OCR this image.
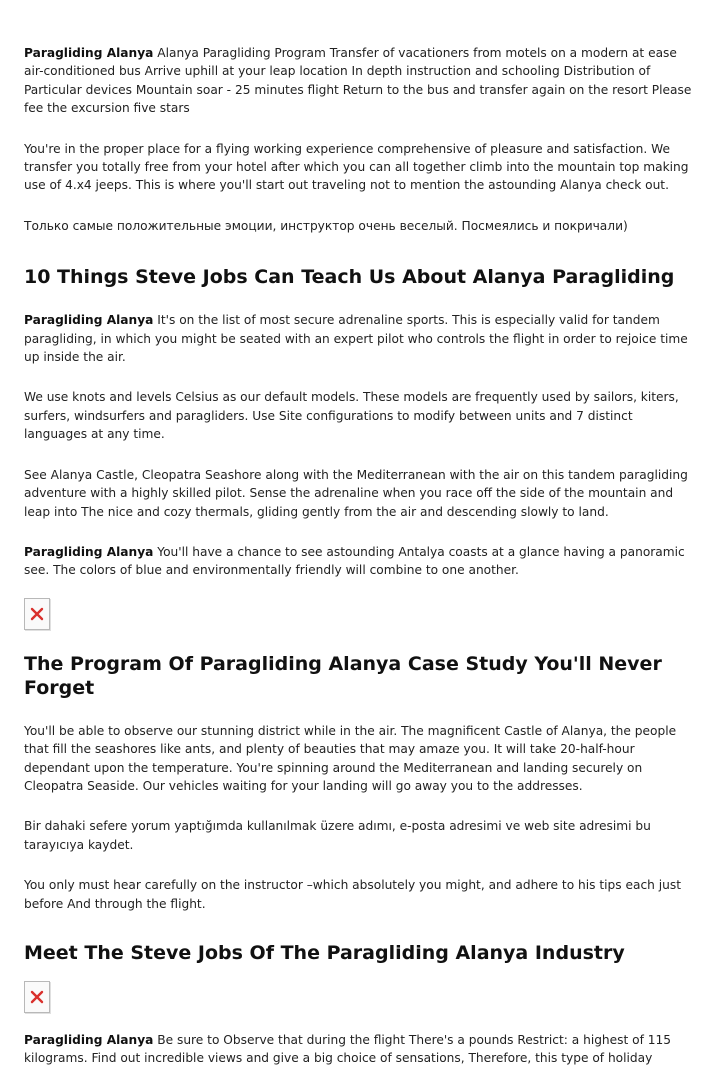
Paragliding Alanya Alanya Paragliding Program Transfer of vacationers from motels on a modern at ease air-conditioned bus Arrive uphill at your leap location In depth instruction and schooling Distribution of Particular devices Mountain soar - 25 minutes flight Return to the bus and transfer again on the resort Please fee the excursion five stars

You're in the proper place for a flying working experience comprehensive of pleasure and satisfaction. We transfer you totally free from your hotel after which you can all together climb into the mountain top making use of 4.x4 jeeps. This is where you'll start out traveling not to mention the astounding Alanya check out.

Только самые положительные эмоции, инструктор очень веселый. Посмеялись и покричали)

10 Things Steve Jobs Can Teach Us About Alanya Paragliding

Paragliding Alanya It's on the list of most secure adrenaline sports. This is especially valid for tandem paragliding, in which you might be seated with an expert pilot who controls the flight in order to rejoice time up inside the air.

We use knots and levels Celsius as our default models. These models are frequently used by sailors, kiters, surfers, windsurfers and paragliders. Use Site configurations to modify between units and 7 distinct languages at any time.

See Alanya Castle, Cleopatra Seashore along with the Mediterranean with the air on this tandem paragliding adventure with a highly skilled pilot. Sense the adrenaline when you race off the side of the mountain and leap into The nice and cozy thermals, gliding gently from the air and descending slowly to land.

Paragliding Alanya You'll have a chance to see astounding Antalya coasts at a glance having a panoramic see. The colors of blue and environmentally friendly will combine to one another.

The Program Of Paragliding Alanya Case Study You'll Never Forget

You'll be able to observe our stunning district while in the air. The magnificent Castle of Alanya, the people that fill the seashores like ants, and plenty of beauties that may amaze you. It will take 20-half-hour dependant upon the temperature. You're spinning around the Mediterranean and landing securely on Cleopatra Seaside. Our vehicles waiting for your landing will go away you to the addresses.

Bir dahaki sefere yorum yaptığımda kullanılmak üzere adımı, e-posta adresimi ve web site adresimi bu tarayıcıya kaydet.

You only must hear carefully on the instructor –which absolutely you might, and adhere to his tips each just before And through the flight.

Meet The Steve Jobs Of The Paragliding Alanya Industry

Paragliding Alanya Be sure to Observe that during the flight There's a pounds Restrict: a highest of 115 kilograms. Find out incredible views and give a big choice of sensations, Therefore, this type of holiday
